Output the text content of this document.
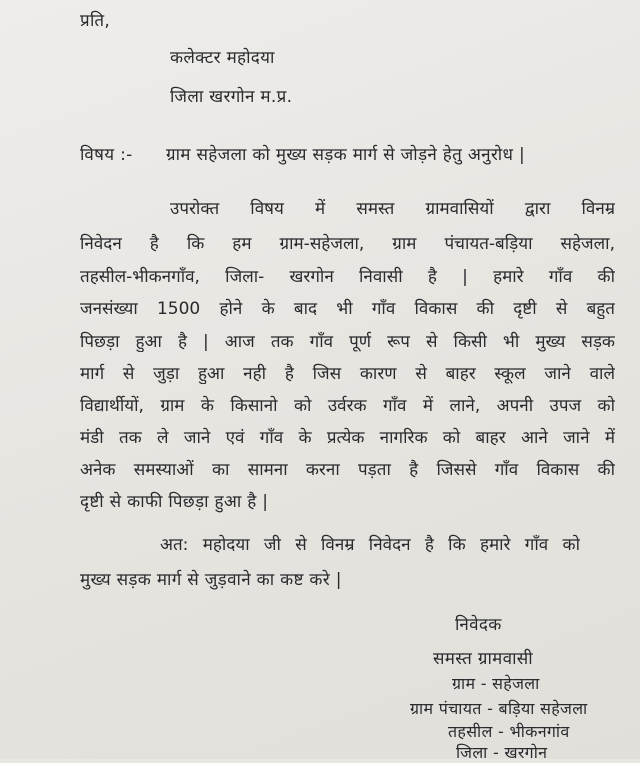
प्रति,
कलेक्टर महोदया
जिला खरगोन म.प्र.
विषय :- ग्राम सहेजला को मुख्य सड़क मार्ग से जोड़ने हेतु अनुरोध |
उपरोक्त विषय में समस्त ग्रामवासियों द्वारा विनम्र
निवेदन है कि हम ग्राम-सहेजला, ग्राम पंचायत-बड़िया सहेजला,
तहसील-भीकनगाँव, जिला- खरगोन निवासी है | हमारे गाँव की
जनसंख्या 1500 होने के बाद भी गाँव विकास की दृष्टी से बहुत
पिछड़ा हुआ है | आज तक गाँव पूर्ण रूप से किसी भी मुख्य सड़क
मार्ग से जुड़ा हुआ नही है जिस कारण से बाहर स्कूल जाने वाले
विद्यार्थीयों, ग्राम के किसानो को उर्वरक गाँव में लाने, अपनी उपज को
मंडी तक ले जाने एवं गाँव के प्रत्येक नागरिक को बाहर आने जाने में
अनेक समस्याओं का सामना करना पड़ता है जिससे गाँव विकास की
दृष्टी से काफी पिछड़ा हुआ है |
अत: महोदया जी से विनम्र निवेदन है कि हमारे गाँव को
मुख्य सड़क मार्ग से जुड़वाने का कष्ट करे |
निवेदक
समस्त ग्रामवासी
ग्राम - सहेजला
ग्राम पंचायत - बड़िया सहेजला
तहसील - भीकनगांव
जिला - खरगोन
